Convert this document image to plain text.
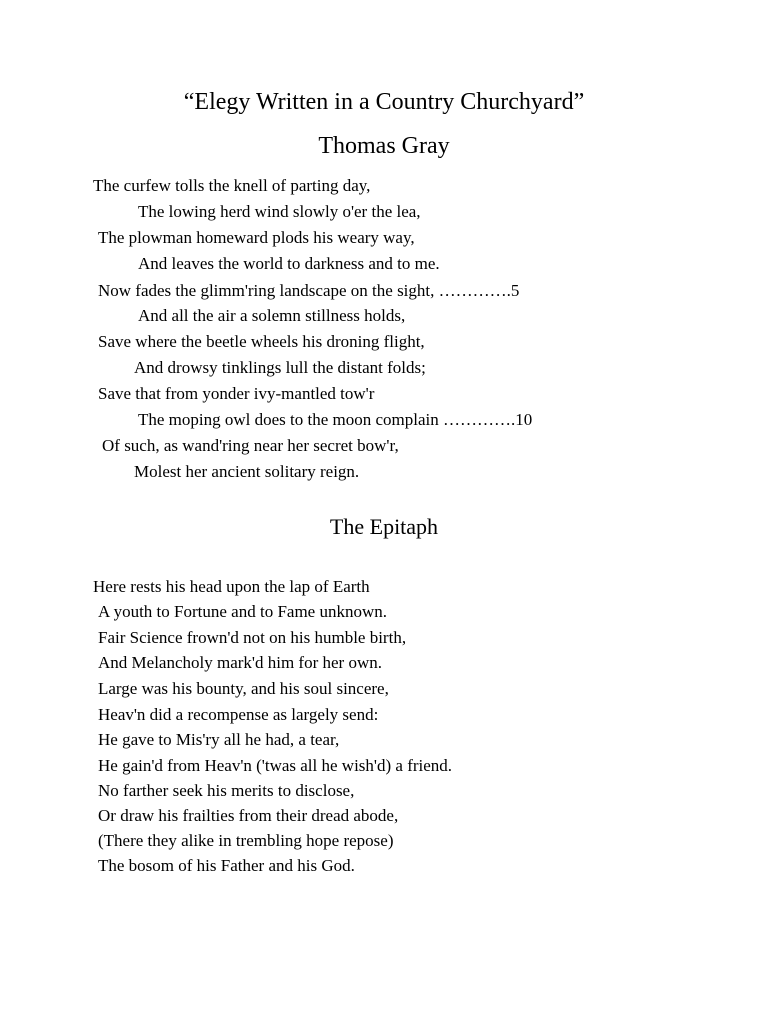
“Elegy Written in a Country Churchyard”
Thomas Gray
The curfew tolls the knell of parting day,
The lowing herd wind slowly o'er the lea,
The plowman homeward plods his weary way,
And leaves the world to darkness and to me.
Now fades the glimm'ring landscape on the sight, ………….5
And all the air a solemn stillness holds,
Save where the beetle wheels his droning flight,
And drowsy tinklings lull the distant folds;
Save that from yonder ivy-mantled tow'r
The moping owl does to the moon complain ………….10
Of such, as wand'ring near her secret bow'r,
Molest her ancient solitary reign.
The Epitaph
Here rests his head upon the lap of Earth
A youth to Fortune and to Fame unknown.
Fair Science frown'd not on his humble birth,
And Melancholy mark'd him for her own.
Large was his bounty, and his soul sincere,
Heav'n did a recompense as largely send:
He gave to Mis'ry all he had, a tear,
He gain'd from Heav'n ('twas all he wish'd) a friend.
No farther seek his merits to disclose,
Or draw his frailties from their dread abode,
(There they alike in trembling hope repose)
The bosom of his Father and his God.
